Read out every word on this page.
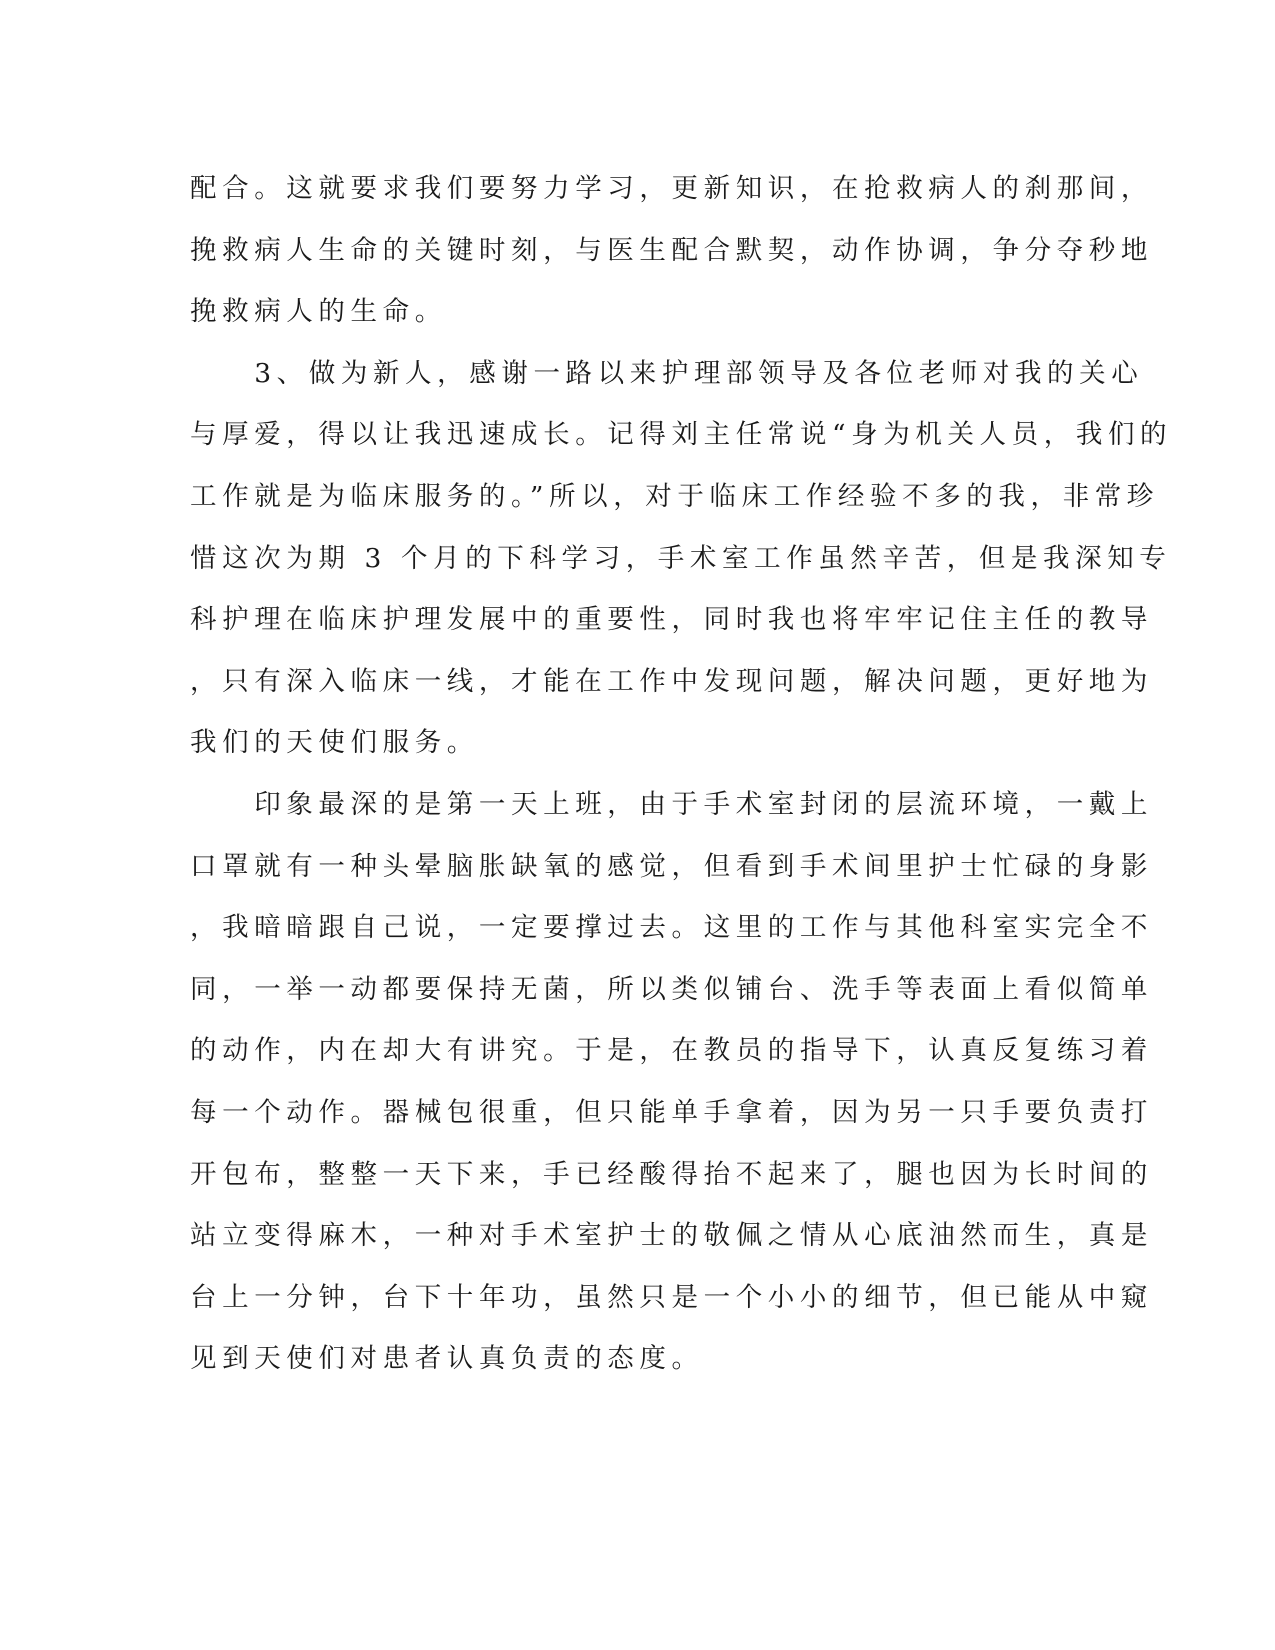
配合。这就要求我们要努力学习，更新知识，在抢救病人的刹那间，
挽救病人生命的关键时刻，与医生配合默契，动作协调，争分夺秒地
挽救病人的生命。
　　3、做为新人，感谢一路以来护理部领导及各位老师对我的关心
与厚爱，得以让我迅速成长。记得刘主任常说“身为机关人员，我们的
工作就是为临床服务的。”所以，对于临床工作经验不多的我，非常珍
惜这次为期 3 个月的下科学习，手术室工作虽然辛苦，但是我深知专
科护理在临床护理发展中的重要性，同时我也将牢牢记住主任的教导
，只有深入临床一线，才能在工作中发现问题，解决问题，更好地为
我们的天使们服务。
　　印象最深的是第一天上班，由于手术室封闭的层流环境，一戴上
口罩就有一种头晕脑胀缺氧的感觉，但看到手术间里护士忙碌的身影
，我暗暗跟自己说，一定要撑过去。这里的工作与其他科室实完全不
同，一举一动都要保持无菌，所以类似铺台、洗手等表面上看似简单
的动作，内在却大有讲究。于是，在教员的指导下，认真反复练习着
每一个动作。器械包很重，但只能单手拿着，因为另一只手要负责打
开包布，整整一天下来，手已经酸得抬不起来了，腿也因为长时间的
站立变得麻木，一种对手术室护士的敬佩之情从心底油然而生，真是
台上一分钟，台下十年功，虽然只是一个小小的细节，但已能从中窥
见到天使们对患者认真负责的态度。
